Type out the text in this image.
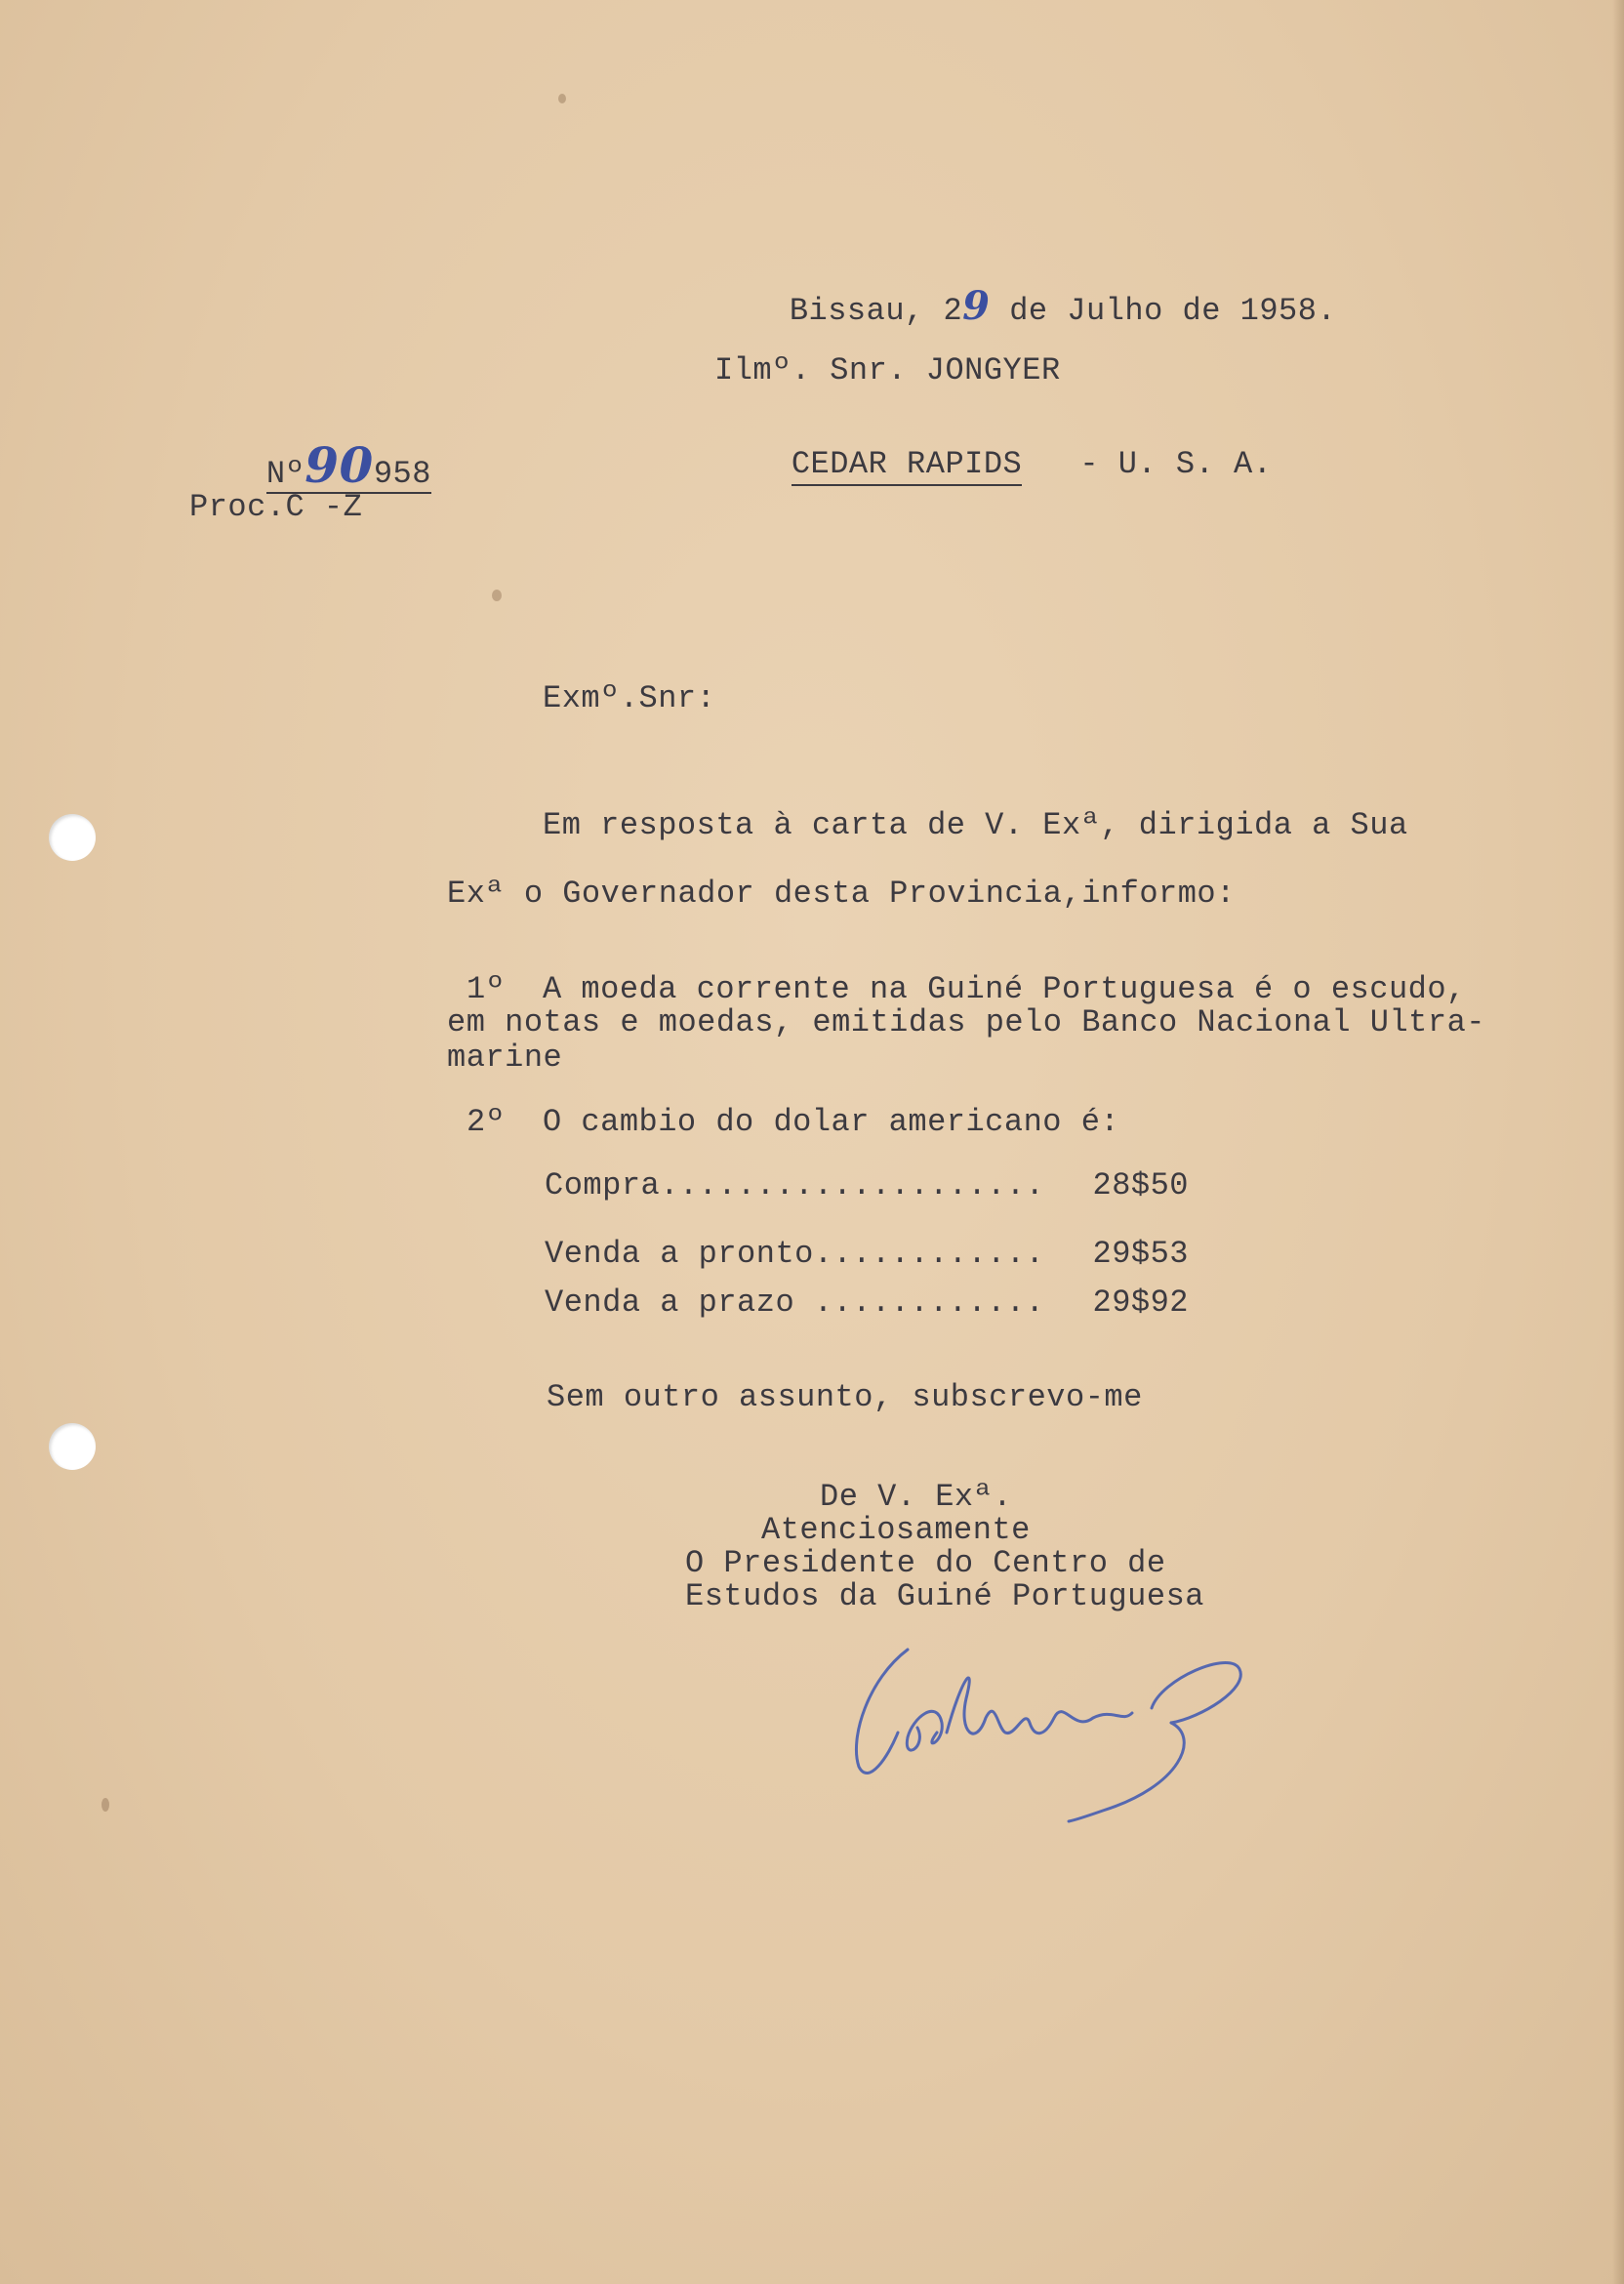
Bissau, 29 de Julho de 1958.

Ilmº. Snr. JONGYER

CEDAR RAPIDS - U. S. A.

Nº90958

Proc.C -Z
Exmº.Snr:
Em resposta à carta de V. Exª, dirigida a Sua
Exª o Governador desta Provincia,informo:
1º A moeda corrente na Guiné Portuguesa é o escudo,
em notas e moedas, emitidas pelo Banco Nacional Ultra-
marine
2º O cambio do dolar americano é:
Compra.................... 28$50
Venda a pronto............ 29$53
Venda a prazo ............ 29$92
Sem outro assunto, subscrevo-me
De V. Exª.
Atenciosamente
O Presidente do Centro de
Estudos da Guiné Portuguesa
